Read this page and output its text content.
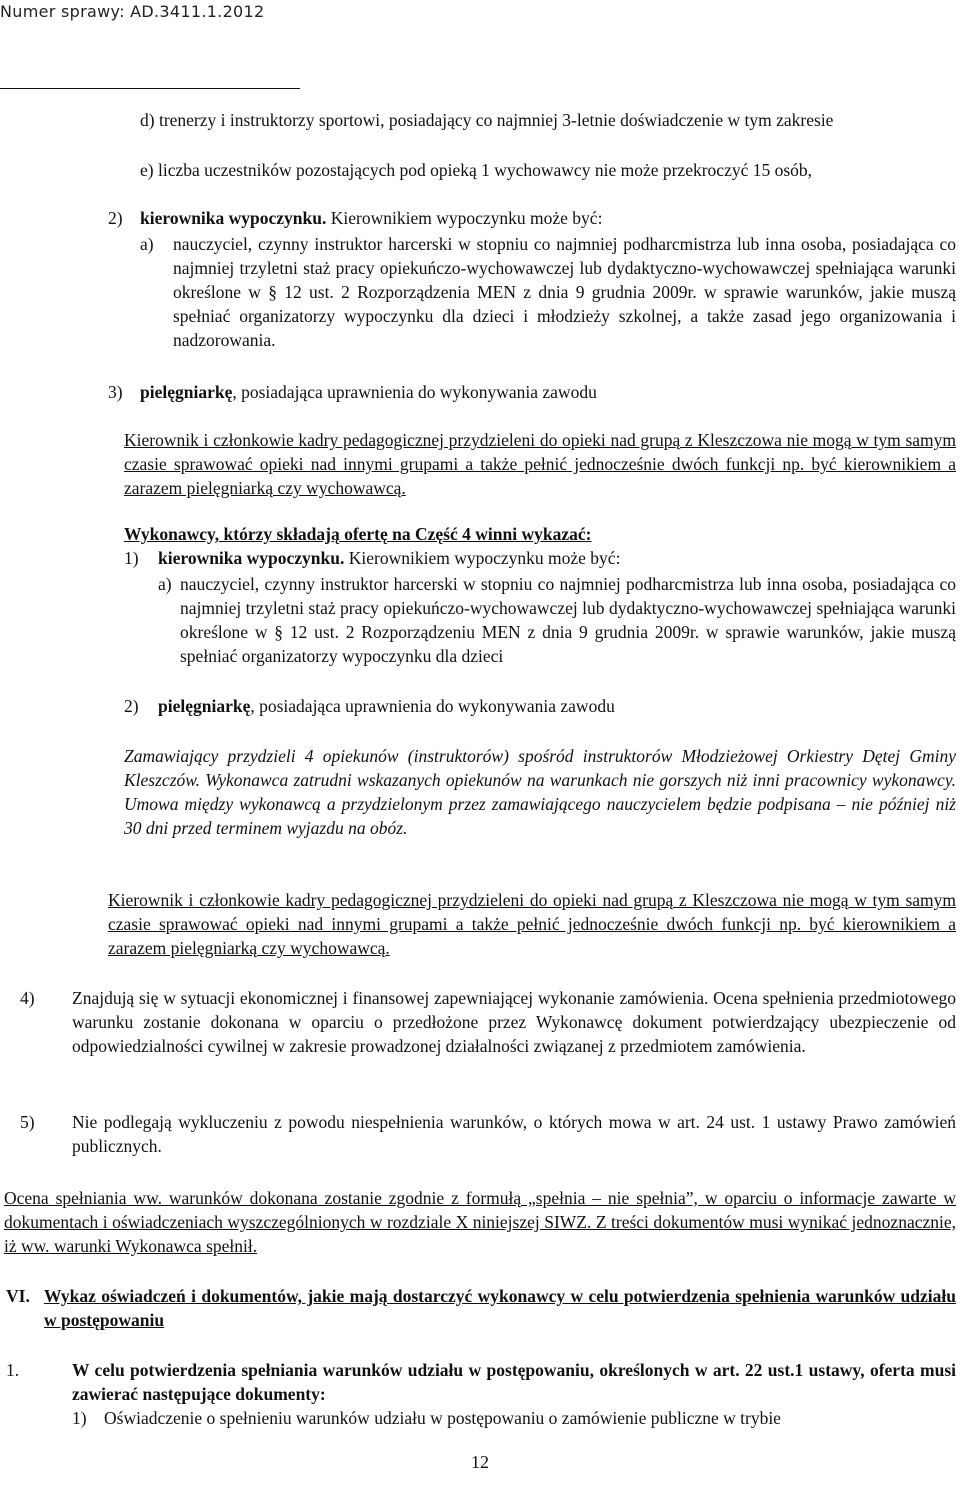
Numer sprawy: AD.3411.1.2012
d) trenerzy i instruktorzy sportowi, posiadający co najmniej 3-letnie doświadczenie w tym zakresie
e) liczba uczestników pozostających pod opieką 1 wychowawcy nie może przekroczyć 15 osób,
2) kierownika wypoczynku. Kierownikiem wypoczynku może być:
a) nauczyciel, czynny instruktor harcerski w stopniu co najmniej podharcmistrza lub inna osoba, posiadająca co najmniej trzyletni staż pracy opiekuńczo-wychowawczej lub dydaktyczno-wychowawczej spełniająca warunki określone w § 12 ust. 2 Rozporządzenia MEN z dnia 9 grudnia 2009r. w sprawie warunków, jakie muszą spełniać organizatorzy wypoczynku dla dzieci i młodzieży szkolnej, a także zasad jego organizowania i nadzorowania.
3) pielęgniarkę, posiadająca uprawnienia do wykonywania zawodu
Kierownik i członkowie kadry pedagogicznej przydzieleni do opieki nad grupą z Kleszczowa nie mogą w tym samym czasie sprawować opieki nad innymi grupami a także pełnić jednocześnie dwóch funkcji np. być kierownikiem a zarazem pielęgniarką czy wychowawcą.
Wykonawcy, którzy składają ofertę na Część 4 winni wykazać:
1) kierownika wypoczynku. Kierownikiem wypoczynku może być:
a) nauczyciel, czynny instruktor harcerski w stopniu co najmniej podharcmistrza lub inna osoba, posiadająca co najmniej trzyletni staż pracy opiekuńczo-wychowawczej lub dydaktyczno-wychowawczej spełniająca warunki określone w § 12 ust. 2 Rozporządzeniu MEN z dnia 9 grudnia 2009r. w sprawie warunków, jakie muszą spełniać organizatorzy wypoczynku dla dzieci
2) pielęgniarkę, posiadająca uprawnienia do wykonywania zawodu
Zamawiający przydzieli 4 opiekunów (instruktorów) spośród instruktorów Młodzieżowej Orkiestry Dętej Gminy Kleszczów. Wykonawca zatrudni wskazanych opiekunów na warunkach nie gorszych niż inni pracownicy wykonawcy. Umowa między wykonawcą a przydzielonym przez zamawiającego nauczycielem będzie podpisana – nie później niż 30 dni przed terminem wyjazdu na obóz.
Kierownik i członkowie kadry pedagogicznej przydzieleni do opieki nad grupą z Kleszczowa nie mogą w tym samym czasie sprawować opieki nad innymi grupami a także pełnić jednocześnie dwóch funkcji np. być kierownikiem a zarazem pielęgniarką czy wychowawcą.
4) Znajdują się w sytuacji ekonomicznej i finansowej zapewniającej wykonanie zamówienia. Ocena spełnienia przedmiotowego warunku zostanie dokonana w oparciu o przedłożone przez Wykonawcę dokument potwierdzający ubezpieczenie od odpowiedzialności cywilnej w zakresie prowadzonej działalności związanej z przedmiotem zamówienia.
5) Nie podlegają wykluczeniu z powodu niespełnienia warunków, o których mowa w art. 24 ust. 1 ustawy Prawo zamówień publicznych.
Ocena spełniania ww. warunków dokonana zostanie zgodnie z formułą „spełnia – nie spełnia”, w oparciu o informacje zawarte w dokumentach i oświadczeniach wyszczególnionych w rozdziale X niniejszej SIWZ. Z treści dokumentów musi wynikać jednoznacznie, iż ww. warunki Wykonawca spełnił.
VI. Wykaz oświadczeń i dokumentów, jakie mają dostarczyć wykonawcy w celu potwierdzenia spełnienia warunków udziału w postępowaniu
1.	W celu potwierdzenia spełniania warunków udziału w postępowaniu, określonych w art. 22 ust.1 ustawy, oferta musi zawierać następujące dokumenty:
1) Oświadczenie o spełnieniu warunków udziału w postępowaniu o zamówienie publiczne w trybie
12
